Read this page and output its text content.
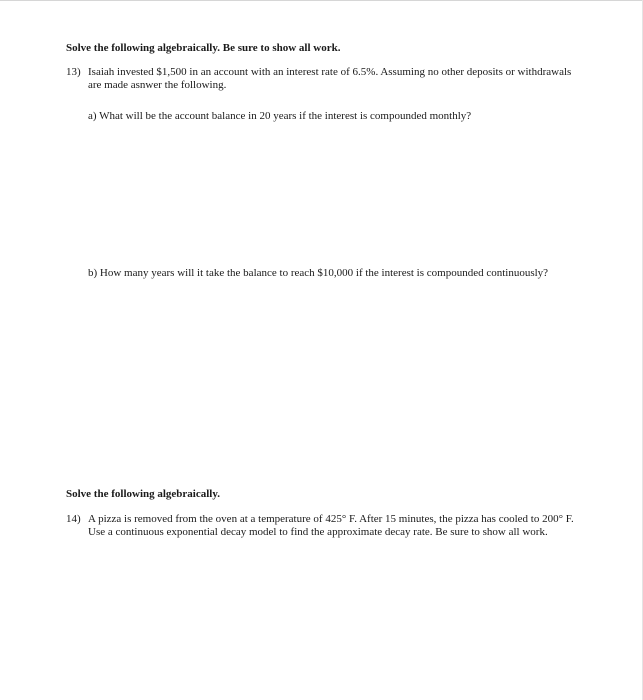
Solve the following algebraically. Be sure to show all work.
13) Isaiah invested $1,500 in an account with an interest rate of 6.5%. Assuming no other deposits or withdrawals are made asnwer the following.
a) What will be the account balance in 20 years if the interest is compounded monthly?
b) How many years will it take the balance to reach $10,000 if the interest is compounded continuously?
Solve the following algebraically.
14) A pizza is removed from the oven at a temperature of 425° F. After 15 minutes, the pizza has cooled to 200° F. Use a continuous exponential decay model to find the approximate decay rate. Be sure to show all work.
